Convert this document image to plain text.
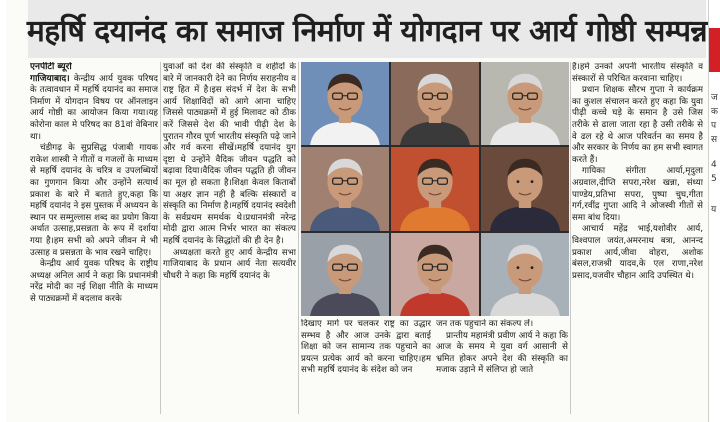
महर्षि दयानंद का समाज निर्माण में योगदान पर आर्य गोष्ठी सम्पन्न

एनपीटी ब्यूरो
गाजियाबाद। केन्द्रीय आर्य युवक परिषद के तत्वावधान में महर्षि दयानंद का समाज निर्माण में योगदान विषय पर ऑनलाइन आर्य गोष्ठी का आयोजन किया गया।यह कोरोना काल मे परिषद का 81वां वेबिनार था।

चंडीगढ़ के सुप्रसिद्ध पंजाबी गायक राकेश शास्त्री ने गीतों व गजलों के माध्यम से महर्षि दयानंद के चरित्र व उपलब्धियों का गुणगान किया और उन्होंने सत्यार्थ प्रकाश के बारे में बताते हुए,कहा कि महर्षि दयानंद ने इस पुस्तक में अध्ययन के स्थान पर सम्मुल्लास शब्द का प्रयोग किया अर्थात उत्साह,प्रसन्नता के रूप में दर्शाया गया है।हम सभी को अपने जीवन मे भी उत्साह व प्रसन्नता के भाव रखने चाहिए।

केन्द्रीय आर्य युवक परिषद के राष्ट्रीय अध्यक्ष अनिल आर्य ने कहा कि प्रधानमंत्री नरेंद्र मोदी का नई शिक्षा नीति के माध्यम से पाठ्यक्रमों में बदलाव करके

युवाओं को देश की संस्कृति व शहीदों के बारे में जानकारी देने का निर्णय सराहनीय व राष्ट्र हित में है।इस संदर्भ में देश के सभी आर्य शिक्षाविदों को आगे आना चाहिए जिससे पाठ्यक्रमों में हुई मिलावट को ठीक करें जिससे देश की भावी पीढ़ी देश के पुरातन गौरव पूर्ण भारतीय संस्कृति पढ़े जाने और गर्व करना सीखें।महर्षि दयानंद युग दृष्टा थे उन्होंने वैदिक जीवन पद्धति को बढ़ावा दिया।वैदिक जीवन पद्धति ही जीवन का मूल हो सकता है।शिक्षा केवल किताबों या अक्षर ज्ञान नही है बल्कि संस्कारों व संस्कृति का निर्माण है।महर्षि दयानंद स्वदेशी के सर्वप्रथम समर्थक थे।प्रधानमंत्री नरेन्द्र मोदी द्वारा आत्म निर्भर भारत का संकल्प महर्षि दयानंद के सिद्धांतों की ही देन है।

अध्यक्षता करते हुए आर्य केन्द्रीय सभा गाजियाबाद के प्रधान आर्य नेता सत्यवीर चौधरी ने कहा कि महर्षि दयानंद के

दिखाए मार्ग पर चलकर राष्ट्र का उद्धार सम्भव है और आज उनके द्वारा बताई शिक्षा को जन सामान्य तक पहुचाने का प्रयत्न प्रत्येक आर्य को करना चाहिए।हम सभी महर्षि दयानंद के संदेश को जन

जन तक पहुचाने का संकल्प लें।

प्रान्तीय महामंत्री प्रवीण आर्य ने कहा कि आज के समय मे युवा वर्ग आसानी से भ्रमित होकर अपने देश की संस्कृति का मजाक उड़ाने में संलिप्त हो जाते

है।हमे उनको अपनी भारतीय संस्कृति व संस्कारों से परिचित करवाना चाहिए।

प्रधान शिक्षक सौरभ गुप्ता ने कार्यक्रम का कुशल संचालन करते हुए कहा कि युवा पीढ़ी कच्चे घड़े के समान है उसे जिस तरीके से ढाला जाता रहा है उसी तरीके से वे ढल रहे थे आज परिवर्तन का समय है और सरकार के निर्णय का हम सभी स्वागत करते हैं।

गायिका संगीता आर्या,मृदुला अग्रवाल,दीप्ति सपरा,नरेश खन्ना, संध्या पाण्डेय,प्रतिभा सपरा, पुष्पा चुघ,गीता गर्ग,रवींद्र गुप्ता आदि ने ओजस्वी गीतों से समा बांध दिया।

आचार्य महेंद्र भाई,यशोवीर आर्य, विश्वपाल जयंत,अमरनाथ बत्रा, आनन्द प्रकाश आर्य,जीवा वोहरा, अशोक बंसल,राजश्री यादव,के एल राणा,नरेश प्रसाद,यजवीर चौहान आदि उपस्थित थे।

ज
क
प
स
4
5
य
